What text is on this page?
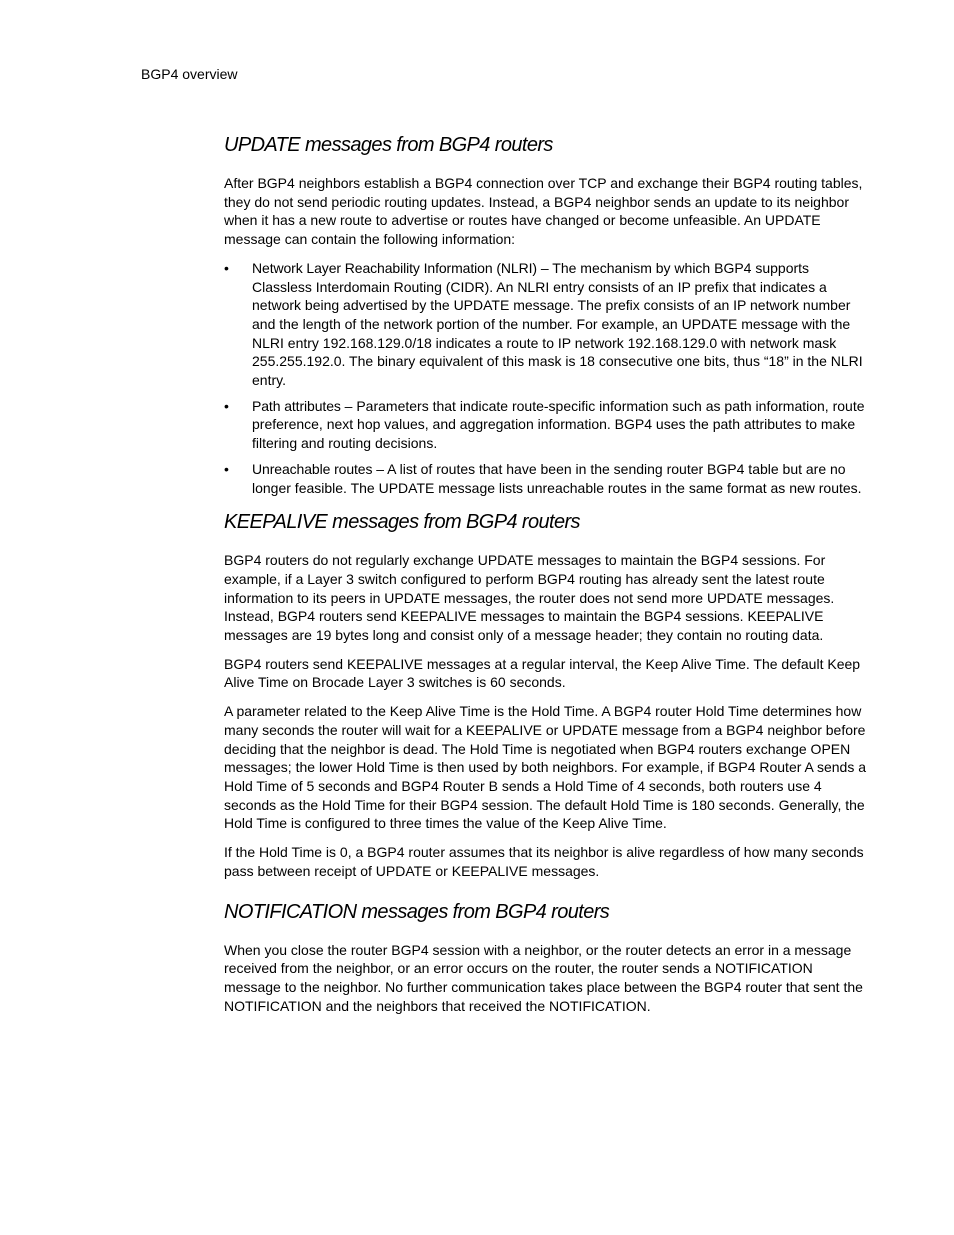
BGP4 overview
UPDATE messages from BGP4 routers

After BGP4 neighbors establish a BGP4 connection over TCP and exchange their BGP4 routing tables, they do not send periodic routing updates. Instead, a BGP4 neighbor sends an update to its neighbor when it has a new route to advertise or routes have changed or become unfeasible. An UPDATE message can contain the following information:

• Network Layer Reachability Information (NLRI) – The mechanism by which BGP4 supports Classless Interdomain Routing (CIDR). An NLRI entry consists of an IP prefix that indicates a network being advertised by the UPDATE message. The prefix consists of an IP network number and the length of the network portion of the number. For example, an UPDATE message with the NLRI entry 192.168.129.0/18 indicates a route to IP network 192.168.129.0 with network mask 255.255.192.0. The binary equivalent of this mask is 18 consecutive one bits, thus “18” in the NLRI entry.
• Path attributes – Parameters that indicate route-specific information such as path information, route preference, next hop values, and aggregation information. BGP4 uses the path attributes to make filtering and routing decisions.
• Unreachable routes – A list of routes that have been in the sending router BGP4 table but are no longer feasible. The UPDATE message lists unreachable routes in the same format as new routes.
KEEPALIVE messages from BGP4 routers

BGP4 routers do not regularly exchange UPDATE messages to maintain the BGP4 sessions. For example, if a Layer 3 switch configured to perform BGP4 routing has already sent the latest route information to its peers in UPDATE messages, the router does not send more UPDATE messages. Instead, BGP4 routers send KEEPALIVE messages to maintain the BGP4 sessions. KEEPALIVE messages are 19 bytes long and consist only of a message header; they contain no routing data.

BGP4 routers send KEEPALIVE messages at a regular interval, the Keep Alive Time. The default Keep Alive Time on Brocade Layer 3 switches is 60 seconds.

A parameter related to the Keep Alive Time is the Hold Time. A BGP4 router Hold Time determines how many seconds the router will wait for a KEEPALIVE or UPDATE message from a BGP4 neighbor before deciding that the neighbor is dead. The Hold Time is negotiated when BGP4 routers exchange OPEN messages; the lower Hold Time is then used by both neighbors. For example, if BGP4 Router A sends a Hold Time of 5 seconds and BGP4 Router B sends a Hold Time of 4 seconds, both routers use 4 seconds as the Hold Time for their BGP4 session. The default Hold Time is 180 seconds. Generally, the Hold Time is configured to three times the value of the Keep Alive Time.

If the Hold Time is 0, a BGP4 router assumes that its neighbor is alive regardless of how many seconds pass between receipt of UPDATE or KEEPALIVE messages.

NOTIFICATION messages from BGP4 routers

When you close the router BGP4 session with a neighbor, or the router detects an error in a message received from the neighbor, or an error occurs on the router, the router sends a NOTIFICATION message to the neighbor. No further communication takes place between the BGP4 router that sent the NOTIFICATION and the neighbors that received the NOTIFICATION.
